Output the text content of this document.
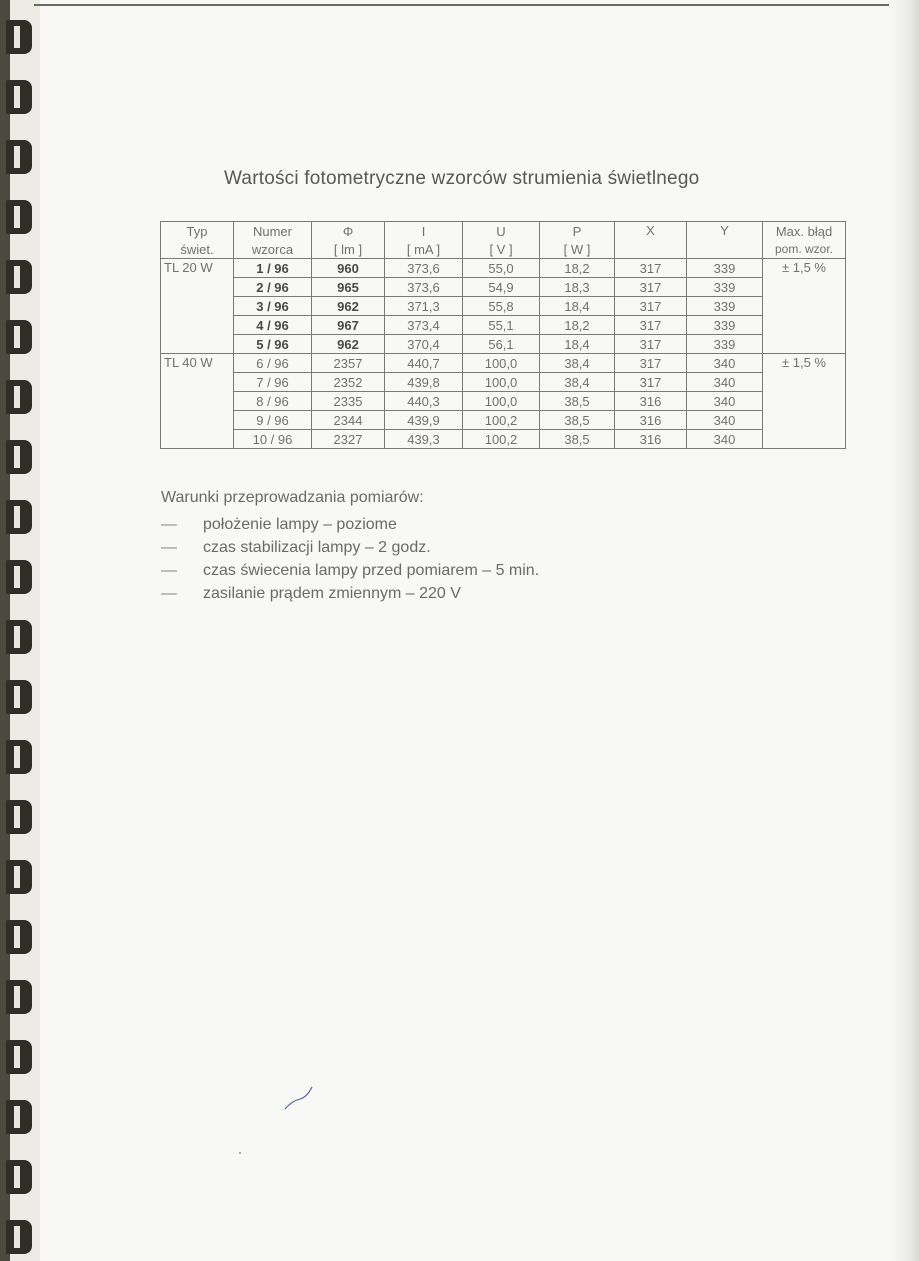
Wartości fotometryczne wzorców strumienia świetlnego
Typ	Numer	Φ	I	U	P	X	Y	Max. błąd
świet.	wzorca	[ lm ]	[ mA ]	[ V ]	[ W ]			pom. wzor.
TL 20 W	1 / 96	960	373,6	55,0	18,2	317	339	± 1,5 %
	2 / 96	965	373,6	54,9	18,3	317	339	
	3 / 96	962	371,3	55,8	18,4	317	339	
	4 / 96	967	373,4	55,1	18,2	317	339	
	5 / 96	962	370,4	56,1	18,4	317	339	
TL 40 W	6 / 96	2357	440,7	100,0	38,4	317	340	± 1,5 %
	7 / 96	2352	439,8	100,0	38,4	317	340	
	8 / 96	2335	440,3	100,0	38,5	316	340	
	9 / 96	2344	439,9	100,2	38,5	316	340	
	10 / 96	2327	439,3	100,2	38,5	316	340	
Warunki przeprowadzania pomiarów:
— położenie lampy – poziome
— czas stabilizacji lampy – 2 godz.
— czas świecenia lampy przed pomiarem – 5 min.
— zasilanie prądem zmiennym – 220 V
